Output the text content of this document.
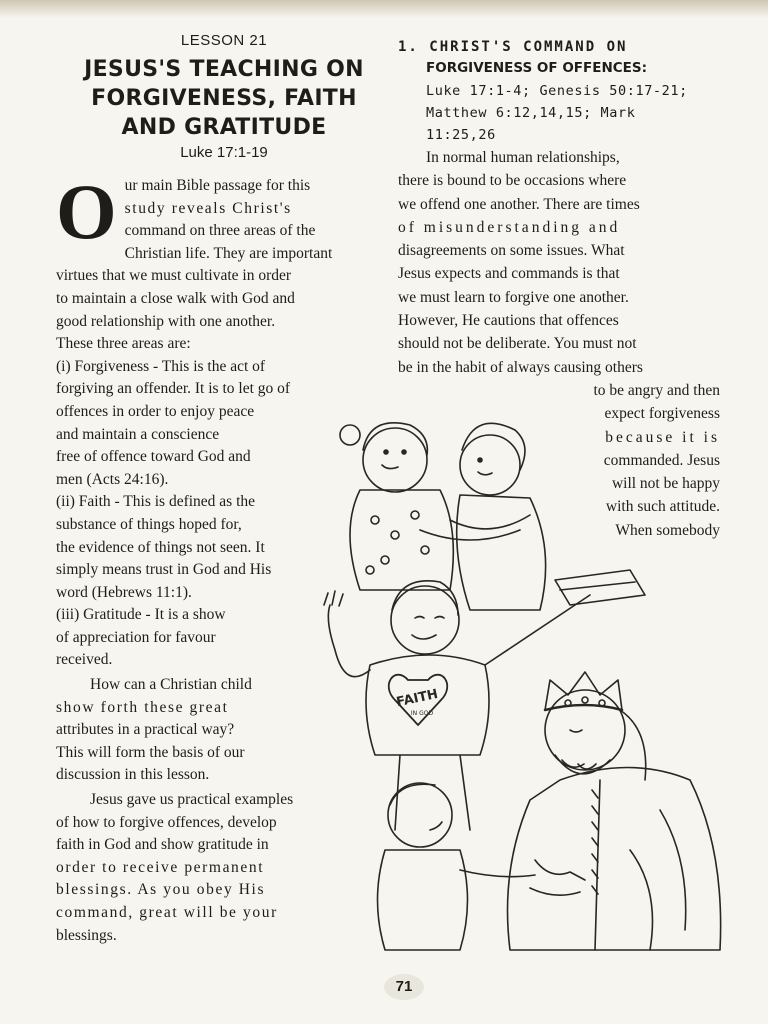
LESSON 21

JESUS'S TEACHING ON
FORGIVENESS, FAITH
AND GRATITUDE

Luke 17:1-19

O ur main Bible passage for this
study reveals Christ's
command on three areas of the
Christian life. They are important
virtues that we must cultivate in order
to maintain a close walk with God and
good relationship with one another.
These three areas are:
(i) Forgiveness - This is the act of
forgiving an offender. It is to let go of
offences in order to enjoy peace
and maintain a conscience
free of offence toward God and
men (Acts 24:16).
(ii) Faith - This is defined as the
substance of things hoped for,
the evidence of things not seen. It
simply means trust in God and His
word (Hebrews 11:1).
(iii) Gratitude - It is a show
of appreciation for favour
received.
How can a Christian child
show forth these great
attributes in a practical way?
This will form the basis of our
discussion in this lesson.
Jesus gave us practical examples
of how to forgive offences, develop
faith in God and show gratitude in
order to receive permanent
blessings. As you obey His
command, great will be your
blessings.

1. CHRIST'S COMMAND ON

FORGIVENESS OF OFFENCES:

Luke 17:1-4; Genesis 50:17-21;
Matthew 6:12,14,15; Mark
11:25,26
In normal human relationships,
there is bound to be occasions where
we offend one another. There are times
of misunderstanding and
disagreements on some issues. What
Jesus expects and commands is that
we must learn to forgive one another.
However, He cautions that offences
should not be deliberate. You must not
be in the habit of always causing others
to be angry and then
expect forgiveness
because it is
commanded. Jesus
will not be happy
with such attitude.
When somebody
FAITH
IN GOD
71
